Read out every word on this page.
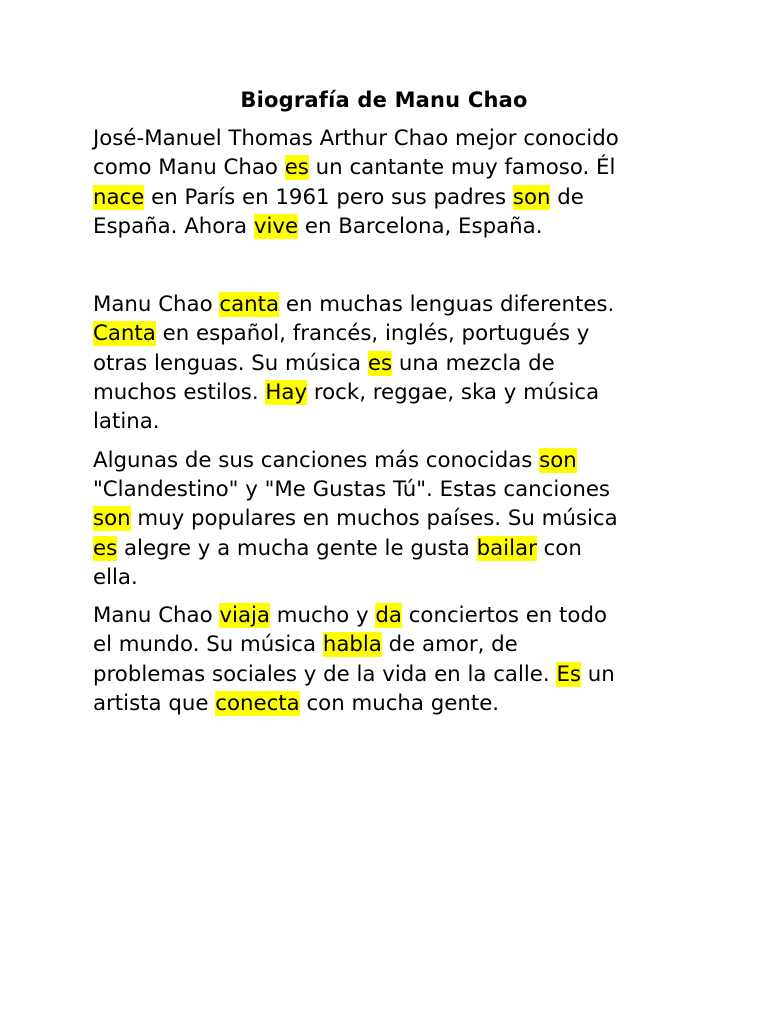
Biografía de Manu Chao

José-Manuel Thomas Arthur Chao mejor conocido
como Manu Chao es un cantante muy famoso. Él
nace en París en 1961 pero sus padres son de
España. Ahora vive en Barcelona, España.

Manu Chao canta en muchas lenguas diferentes.
Canta en español, francés, inglés, portugués y
otras lenguas. Su música es una mezcla de
muchos estilos. Hay rock, reggae, ska y música
latina.

Algunas de sus canciones más conocidas son
"Clandestino" y "Me Gustas Tú". Estas canciones
son muy populares en muchos países. Su música
es alegre y a mucha gente le gusta bailar con
ella.

Manu Chao viaja mucho y da conciertos en todo
el mundo. Su música habla de amor, de
problemas sociales y de la vida en la calle. Es un
artista que conecta con mucha gente.
